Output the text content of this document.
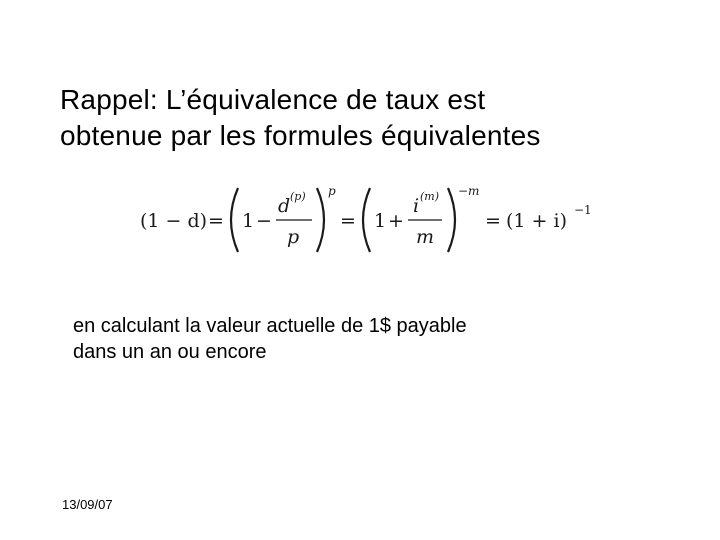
Rappel: L’équivalence de taux est
obtenue par les formules équivalentes
(1 − d) = 1 −
d (p)
p
p
= 1 +
i (m)
m
−m
= (1 + i) −1
en calculant la valeur actuelle de 1$ payable
dans un an ou encore
13/09/07
